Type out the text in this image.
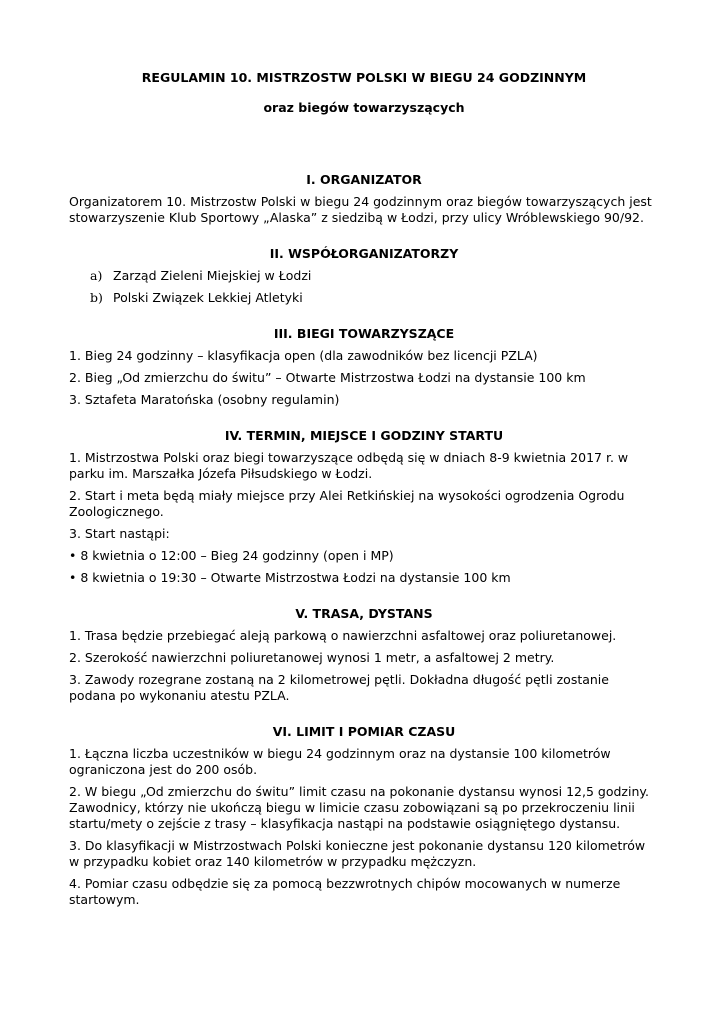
REGULAMIN 10. MISTRZOSTW POLSKI W BIEGU 24 GODZINNYM
oraz biegów towarzyszących
I. ORGANIZATOR

Organizatorem 10. Mistrzostw Polski w biegu 24 godzinnym oraz biegów towarzyszących jest stowarzyszenie Klub Sportowy „Alaska” z siedzibą w Łodzi, przy ulicy Wróblewskiego 90/92.

II. WSPÓŁORGANIZATORZY
a) Zarząd Zieleni Miejskiej w Łodzi
b) Polski Związek Lekkiej Atletyki
III. BIEGI TOWARZYSZĄCE

1. Bieg 24 godzinny – klasyfikacja open (dla zawodników bez licencji PZLA)

2. Bieg „Od zmierzchu do świtu” – Otwarte Mistrzostwa Łodzi na dystansie 100 km

3. Sztafeta Maratońska (osobny regulamin)

IV. TERMIN, MIEJSCE I GODZINY STARTU

1. Mistrzostwa Polski oraz biegi towarzyszące odbędą się w dniach 8-9 kwietnia 2017 r. w parku im. Marszałka Józefa Piłsudskiego w Łodzi.

2. Start i meta będą miały miejsce przy Alei Retkińskiej na wysokości ogrodzenia Ogrodu Zoologicznego.

3. Start nastąpi:

• 8 kwietnia o 12:00 – Bieg 24 godzinny (open i MP)

• 8 kwietnia o 19:30 – Otwarte Mistrzostwa Łodzi na dystansie 100 km

V. TRASA, DYSTANS

1. Trasa będzie przebiegać aleją parkową o nawierzchni asfaltowej oraz poliuretanowej.

2. Szerokość nawierzchni poliuretanowej wynosi 1 metr, a asfaltowej 2 metry.

3. Zawody rozegrane zostaną na 2 kilometrowej pętli. Dokładna długość pętli zostanie podana po wykonaniu atestu PZLA.

VI. LIMIT I POMIAR CZASU

1. Łączna liczba uczestników w biegu 24 godzinnym oraz na dystansie 100 kilometrów ograniczona jest do 200 osób.

2. W biegu „Od zmierzchu do świtu” limit czasu na pokonanie dystansu wynosi 12,5 godziny. Zawodnicy, którzy nie ukończą biegu w limicie czasu zobowiązani są po przekroczeniu linii startu/mety o zejście z trasy – klasyfikacja nastąpi na podstawie osiągniętego dystansu.

3. Do klasyfikacji w Mistrzostwach Polski konieczne jest pokonanie dystansu 120 kilometrów w przypadku kobiet oraz 140 kilometrów w przypadku mężczyzn.

4. Pomiar czasu odbędzie się za pomocą bezzwrotnych chipów mocowanych w numerze startowym.
